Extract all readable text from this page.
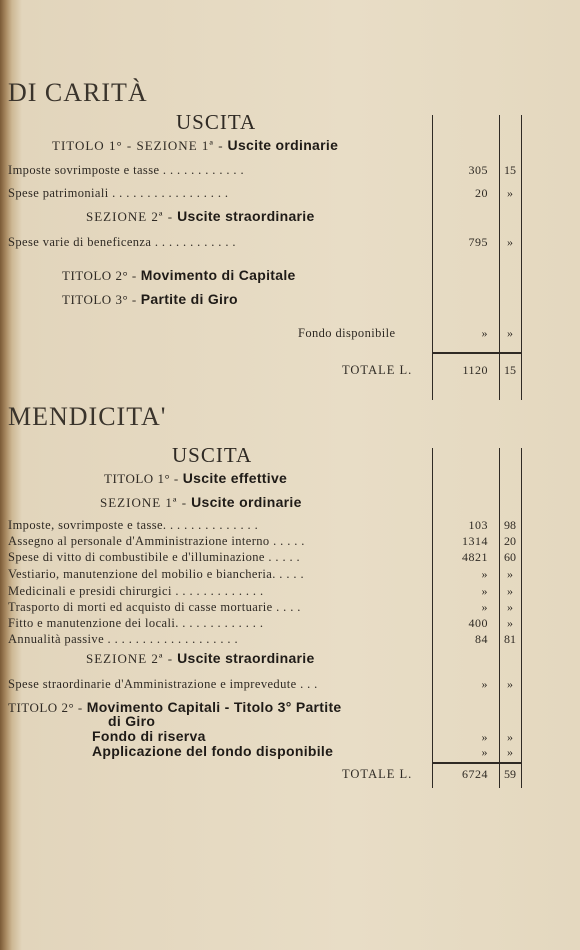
DI CARITÀ
USCITA
TITOLO 1° - SEZIONE 1ª - Uscite ordinarie
Imposte sovrimposte e tasse . . . . . . . . . . . .	305	15
Spese patrimoniali . . . . . . . . . . . . . . . . .	20	»
SEZIONE 2ª - Uscite straordinarie
Spese varie di beneficenza . . . . . . . . . . . .	795	»
TITOLO 2° - Movimento di Capitale
TITOLO 3° - Partite di Giro
Fondo disponibile	»	»
TOTALE L.	1120	15
MENDICITA'
USCITA
TITOLO 1° - Uscite effettive
SEZIONE 1ª - Uscite ordinarie
Imposte, sovrimposte e tasse. . . . . . . . . . . . . .	103	98
Assegno al personale d'Amministrazione interno . . . . .	1314	20
Spese di vitto di combustibile e d'illuminazione . . . . .	4821	60
Vestiario, manutenzione del mobilio e biancheria. . . . .	»	»
Medicinali e presidi chirurgici . . . . . . . . . . . . .	»	»
Trasporto di morti ed acquisto di casse mortuarie . . . .	»	»
Fitto e manutenzione dei locali. . . . . . . . . . . . .	400	»
Annualità passive . . . . . . . . . . . . . . . . . . .	84	81
SEZIONE 2ª - Uscite straordinarie
Spese straordinarie d'Amministrazione e imprevedute . . .	»	»
TITOLO 2° - Movimento Capitali - Titolo 3° Partite
di Giro
Fondo di riserva	»	»
Applicazione del fondo disponibile	»	»
TOTALE L.	6724	59
